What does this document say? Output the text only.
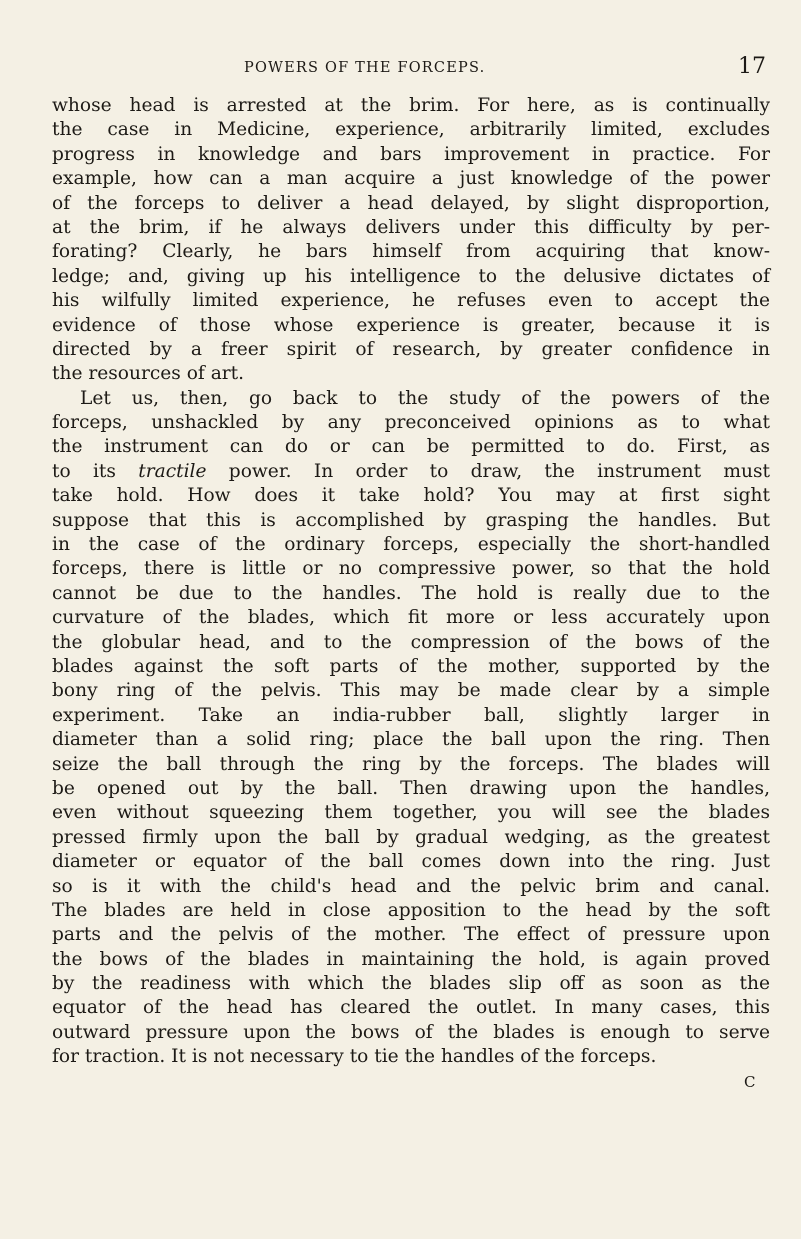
POWERS OF THE FORCEPS.	17
whose head is arrested at the brim. For here, as is continually
the case in Medicine, experience, arbitrarily limited, excludes
progress in knowledge and bars improvement in practice. For
example, how can a man acquire a just knowledge of the power
of the forceps to deliver a head delayed, by slight disproportion,
at the brim, if he always delivers under this difficulty by per-
forating? Clearly, he bars himself from acquiring that know-
ledge; and, giving up his intelligence to the delusive dictates of
his wilfully limited experience, he refuses even to accept the
evidence of those whose experience is greater, because it is
directed by a freer spirit of research, by greater confidence in
the resources of art.
Let us, then, go back to the study of the powers of the
forceps, unshackled by any preconceived opinions as to what
the instrument can do or can be permitted to do. First, as
to its tractile power. In order to draw, the instrument must
take hold. How does it take hold? You may at first sight
suppose that this is accomplished by grasping the handles. But
in the case of the ordinary forceps, especially the short-handled
forceps, there is little or no compressive power, so that the hold
cannot be due to the handles. The hold is really due to the
curvature of the blades, which fit more or less accurately upon
the globular head, and to the compression of the bows of the
blades against the soft parts of the mother, supported by the
bony ring of the pelvis. This may be made clear by a simple
experiment. Take an india-rubber ball, slightly larger in
diameter than a solid ring; place the ball upon the ring. Then
seize the ball through the ring by the forceps. The blades will
be opened out by the ball. Then drawing upon the handles,
even without squeezing them together, you will see the blades
pressed firmly upon the ball by gradual wedging, as the greatest
diameter or equator of the ball comes down into the ring. Just
so is it with the child's head and the pelvic brim and canal.
The blades are held in close apposition to the head by the soft
parts and the pelvis of the mother. The effect of pressure upon
the bows of the blades in maintaining the hold, is again proved
by the readiness with which the blades slip off as soon as the
equator of the head has cleared the outlet. In many cases, this
outward pressure upon the bows of the blades is enough to serve
for traction. It is not necessary to tie the handles of the forceps.
C
